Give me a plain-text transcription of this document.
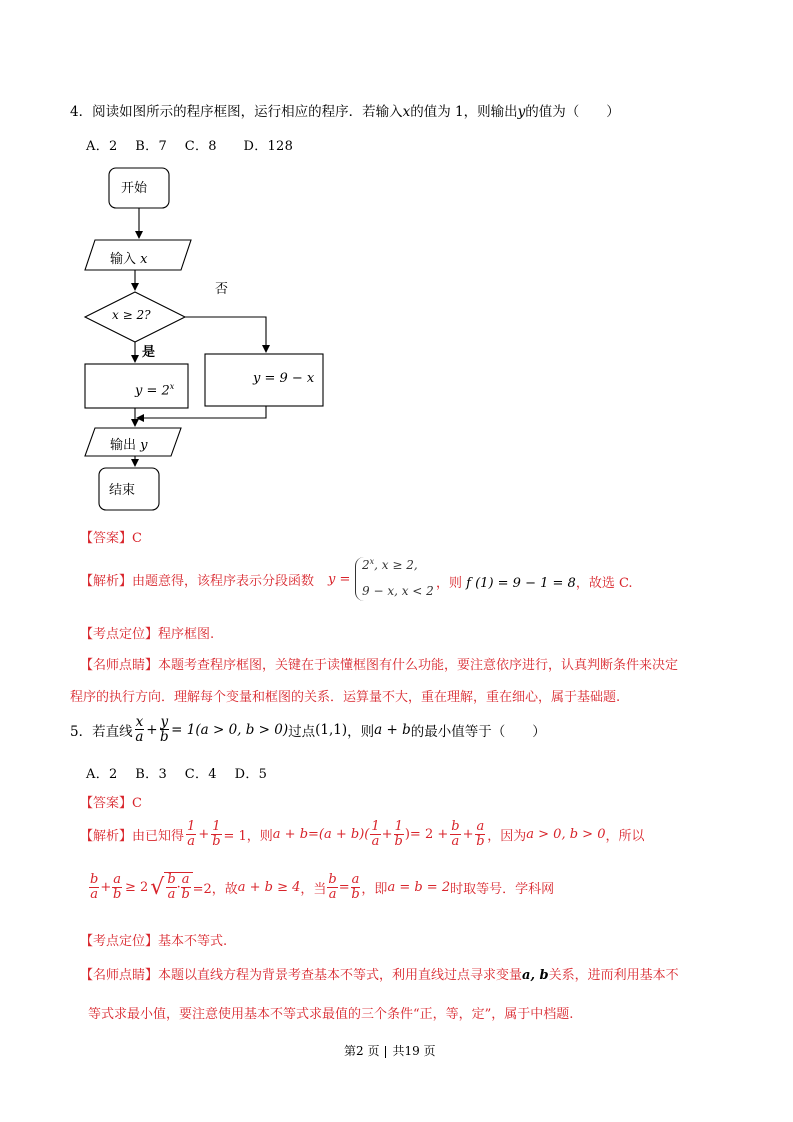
4．阅读如图所示的程序框图，运行相应的程序．若输入x的值为 1，则输出y的值为（　　）
A．2　 B．7　 C．8　　D．128
开始
输入 x
x ≥ 2?
否
是
$y = 2^x$
y = 9 − x
输出 y
结束
【答案】C
【解析】由题意得，该程序表示分段函数 y =
$2^x$, x ≥ 2,
9 − x, x < 2 ，则 f (1) = 9 − 1 = 8，故选 C.
【考点定位】程序框图.
【名师点睛】本题考查程序框图，关键在于读懂框图有什么功能，要注意依序进行，认真判断条件来决定
程序的执行方向．理解每个变量和框图的关系．运算量不大，重在理解，重在细心，属于基础题.
5． 若直线 $\frac{x}{a} + \frac{y}{b} = 1(a > 0$, b > 0) 过点 (1,1) ，则 a + b 的最小值等于（　　）
A．2　 B．3　 C．4　 D．5
【答案】C
【解析】 由已知得 $\frac{1}{a} + \frac{1}{b} = 1$，则 $a + b=(a + b)( \frac{1}{a} + \frac{1}{b}$ ) = $2 + \frac{b}{a} + \frac{a}{b}$ ，因为 a > 0, b > 0 ，所以
$\frac{b}{a} + \frac{a}{b} \ge 2$ √ $\frac{b}{a} \cdot \frac{a}{b} =2$，故 a + b ≥ 4 ，当 $\frac{b}{a} = \frac{a}{b}$ ，即 a = b = 2 时取等号．学科网
【考点定位】基本不等式.
【名师点睛】本题以直线方程为背景考查基本不等式，利用直线过点寻求变量a, b关系，进而利用基本不
等式求最小值，要注意使用基本不等式求最值的三个条件“正，等，定”，属于中档题.
第2 页 共19 页
